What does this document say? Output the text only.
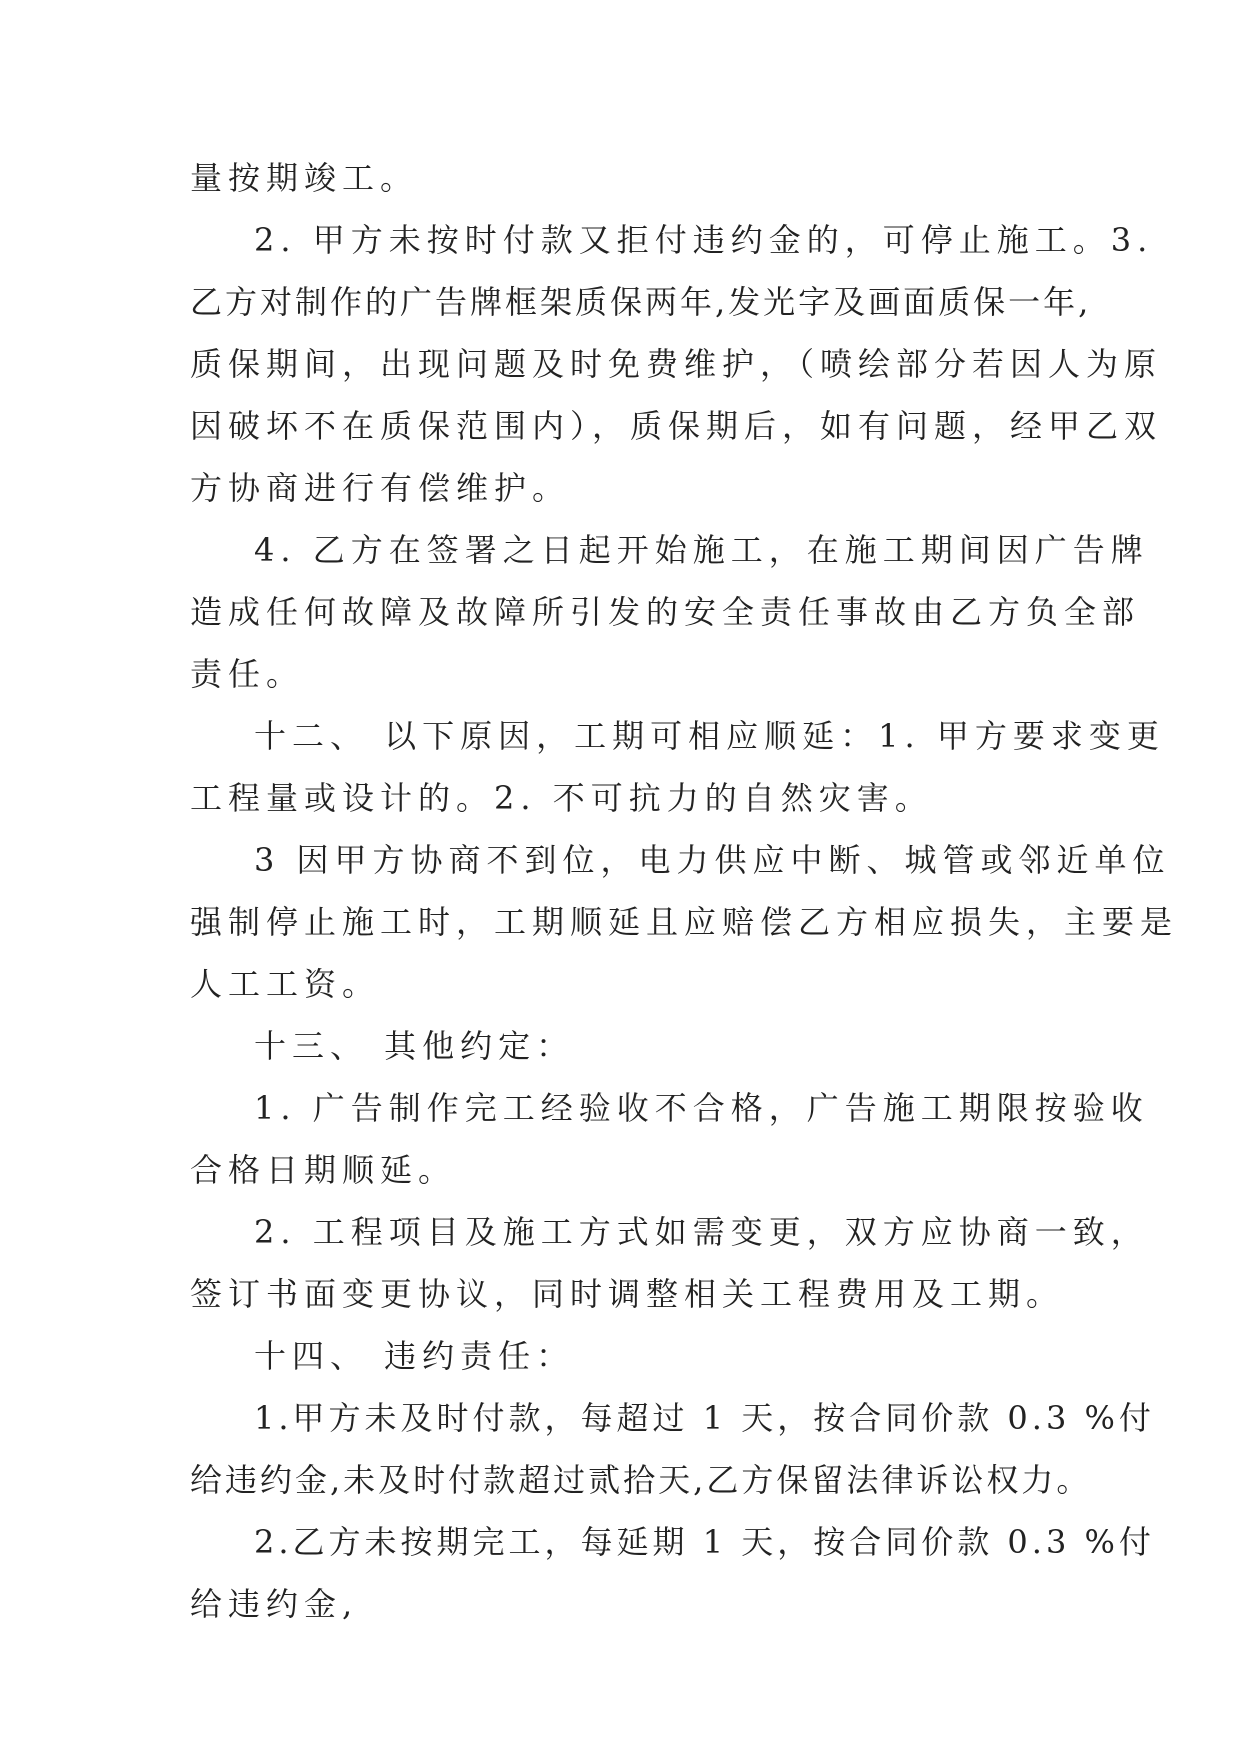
量按期竣工。
2. 甲方未按时付款又拒付违约金的，可停止施工。3.
乙方对制作的广告牌框架质保两年,发光字及画面质保一年,
质保期间，出现问题及时免费维护，（喷绘部分若因人为原
因破坏不在质保范围内），质保期后，如有问题，经甲乙双
方协商进行有偿维护。
4. 乙方在签署之日起开始施工，在施工期间因广告牌
造成任何故障及故障所引发的安全责任事故由乙方负全部
责任。
十二、 以下原因，工期可相应顺延：1. 甲方要求变更
工程量或设计的。2. 不可抗力的自然灾害。
3 因甲方协商不到位，电力供应中断、城管或邻近单位
强制停止施工时，工期顺延且应赔偿乙方相应损失，主要是
人工工资。
十三、 其他约定：
1. 广告制作完工经验收不合格，广告施工期限按验收
合格日期顺延。
2. 工程项目及施工方式如需变更，双方应协商一致，
签订书面变更协议，同时调整相关工程费用及工期。
十四、 违约责任：
1.甲方未及时付款，每超过 1 天，按合同价款 0.3 %付
给违约金,未及时付款超过贰拾天,乙方保留法律诉讼权力。
2.乙方未按期完工，每延期 1 天，按合同价款 0.3 %付
给违约金,
